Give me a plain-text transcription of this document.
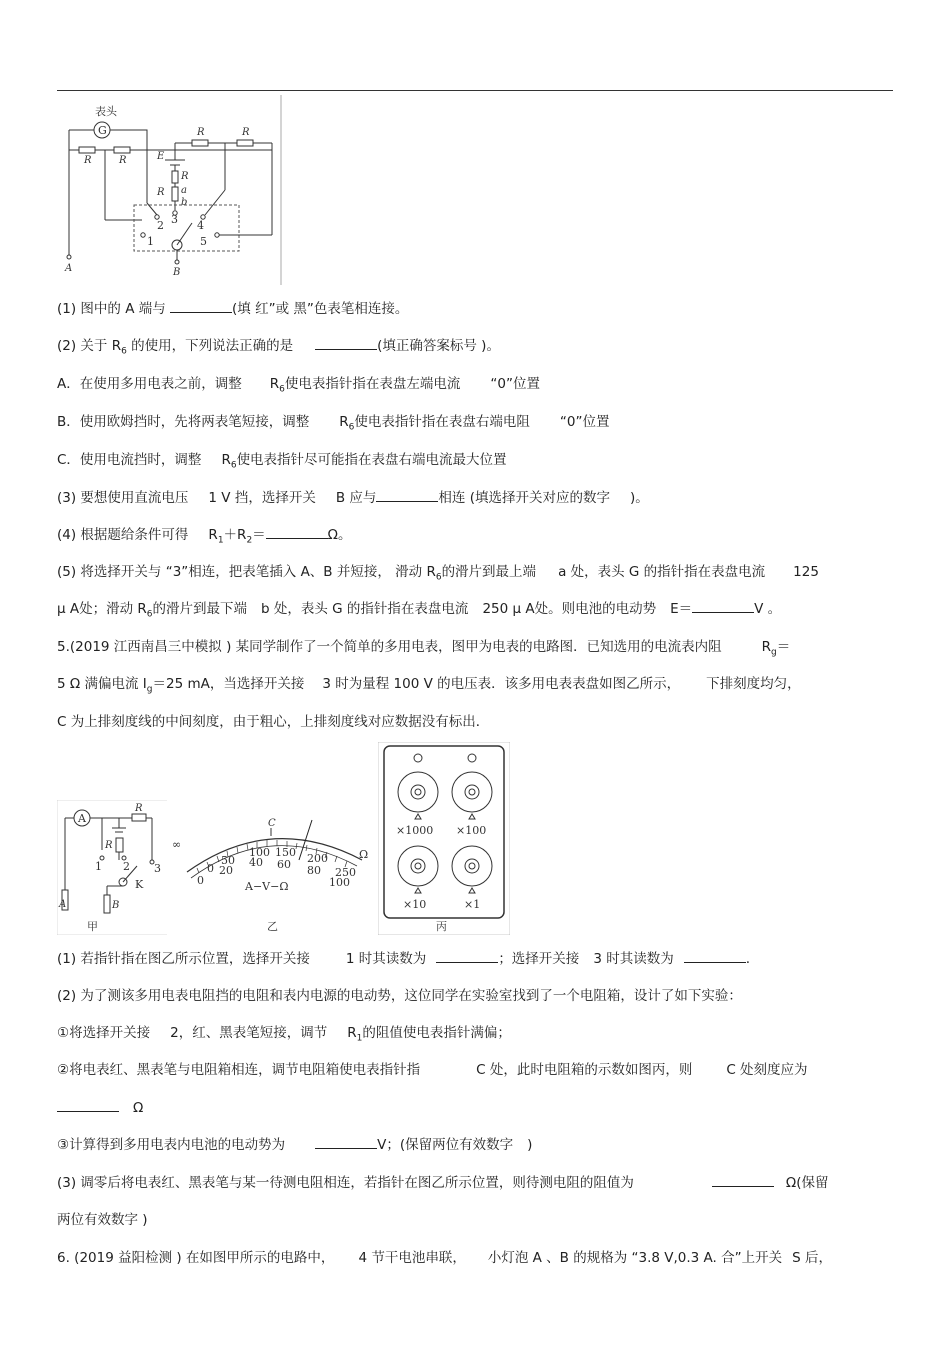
表头
G
R	R
R	R
E
R
R a
b
2
1
3 4
5
B
A
(1) 图中的 A 端与	(填 红”或 黑”色表笔相连接。
(2) 关于 $R_6$ 的使用，下列说法正确的是	(填正确答案标号 )。
A．在使用多用电表之前，调整 $R_6$使电表指针指在表盘左端电流 “0”位置
B．使用欧姆挡时，先将两表笔短接，调整 $R_6$使电表指针指在表盘右端电阻 “0”位置
C．使用电流挡时，调整 $R_6$使电表指针尽可能指在表盘右端电流最大位置
(3) 要想使用直流电压 1 V 挡，选择开关 B 应与	相连 (填选择开关对应的数字 )。
(4) 根据题给条件可得 $R_1+R_2=$	Ω。
(5) 将选择开关与 “3”相连，把表笔插入 A、B 并短接， 滑动 $R_6$的滑片到最上端 a 处，表头 G 的指针指在表盘电流 125
μ A处；滑动 $R_6$的滑片到最下端 b 处，表头 G 的指针指在表盘电流 250 μ A处。则电池的电动势 E＝	V 。
5.(2019 江西南昌三中模拟 ) 某同学制作了一个简单的多用电表，图甲为电表的电路图．已知选用的电流表内阻	$R_g=$
5 Ω 满偏电流 $I_g=25$ mA，当选择开关接 3 时为量程 100 V 的电压表．该多用电表表盘如图乙所示， 下排刻度均匀，
C 为上排刻度线的中间刻度，由于粗心，上排刻度线对应数据没有标出．
A
R
R
1 2 3
K
B
A
甲
C
∞
Ω
0
50
100 150 200
250
0
20
40 60 80
100
A−V−Ω
乙
×1000 ×100
×10	×1
丙
(1) 若指针指在图乙所示位置，选择开关接	1 时其读数为	；选择开关接 3 时其读数为	.
(2) 为了测该多用电表电阻挡的电阻和表内电源的电动势，这位同学在实验室找到了一个电阻箱，设计了如下实验：
①将选择开关接 2，红、黑表笔短接，调节 $R_1$的阻值使电表指针满偏；
②将电表红、黑表笔与电阻箱相连，调节电阻箱使电表指针指	C 处，此时电阻箱的示数如图丙，则	C 处刻度应为
Ω
③计算得到多用电表内电池的电动势为	V；(保留两位有效数字 )
(3) 调零后将电表红、黑表笔与某一待测电阻相连，若指针在图乙所示位置，则待测电阻的阻值为	Ω(保留
两位有效数字 )
6. (2019 益阳检测 ) 在如图甲所示的电路中， 4 节干电池串联， 小灯泡 A 、B 的规格为 “3.8 V,0.3 A. 合”上开关 S 后，
